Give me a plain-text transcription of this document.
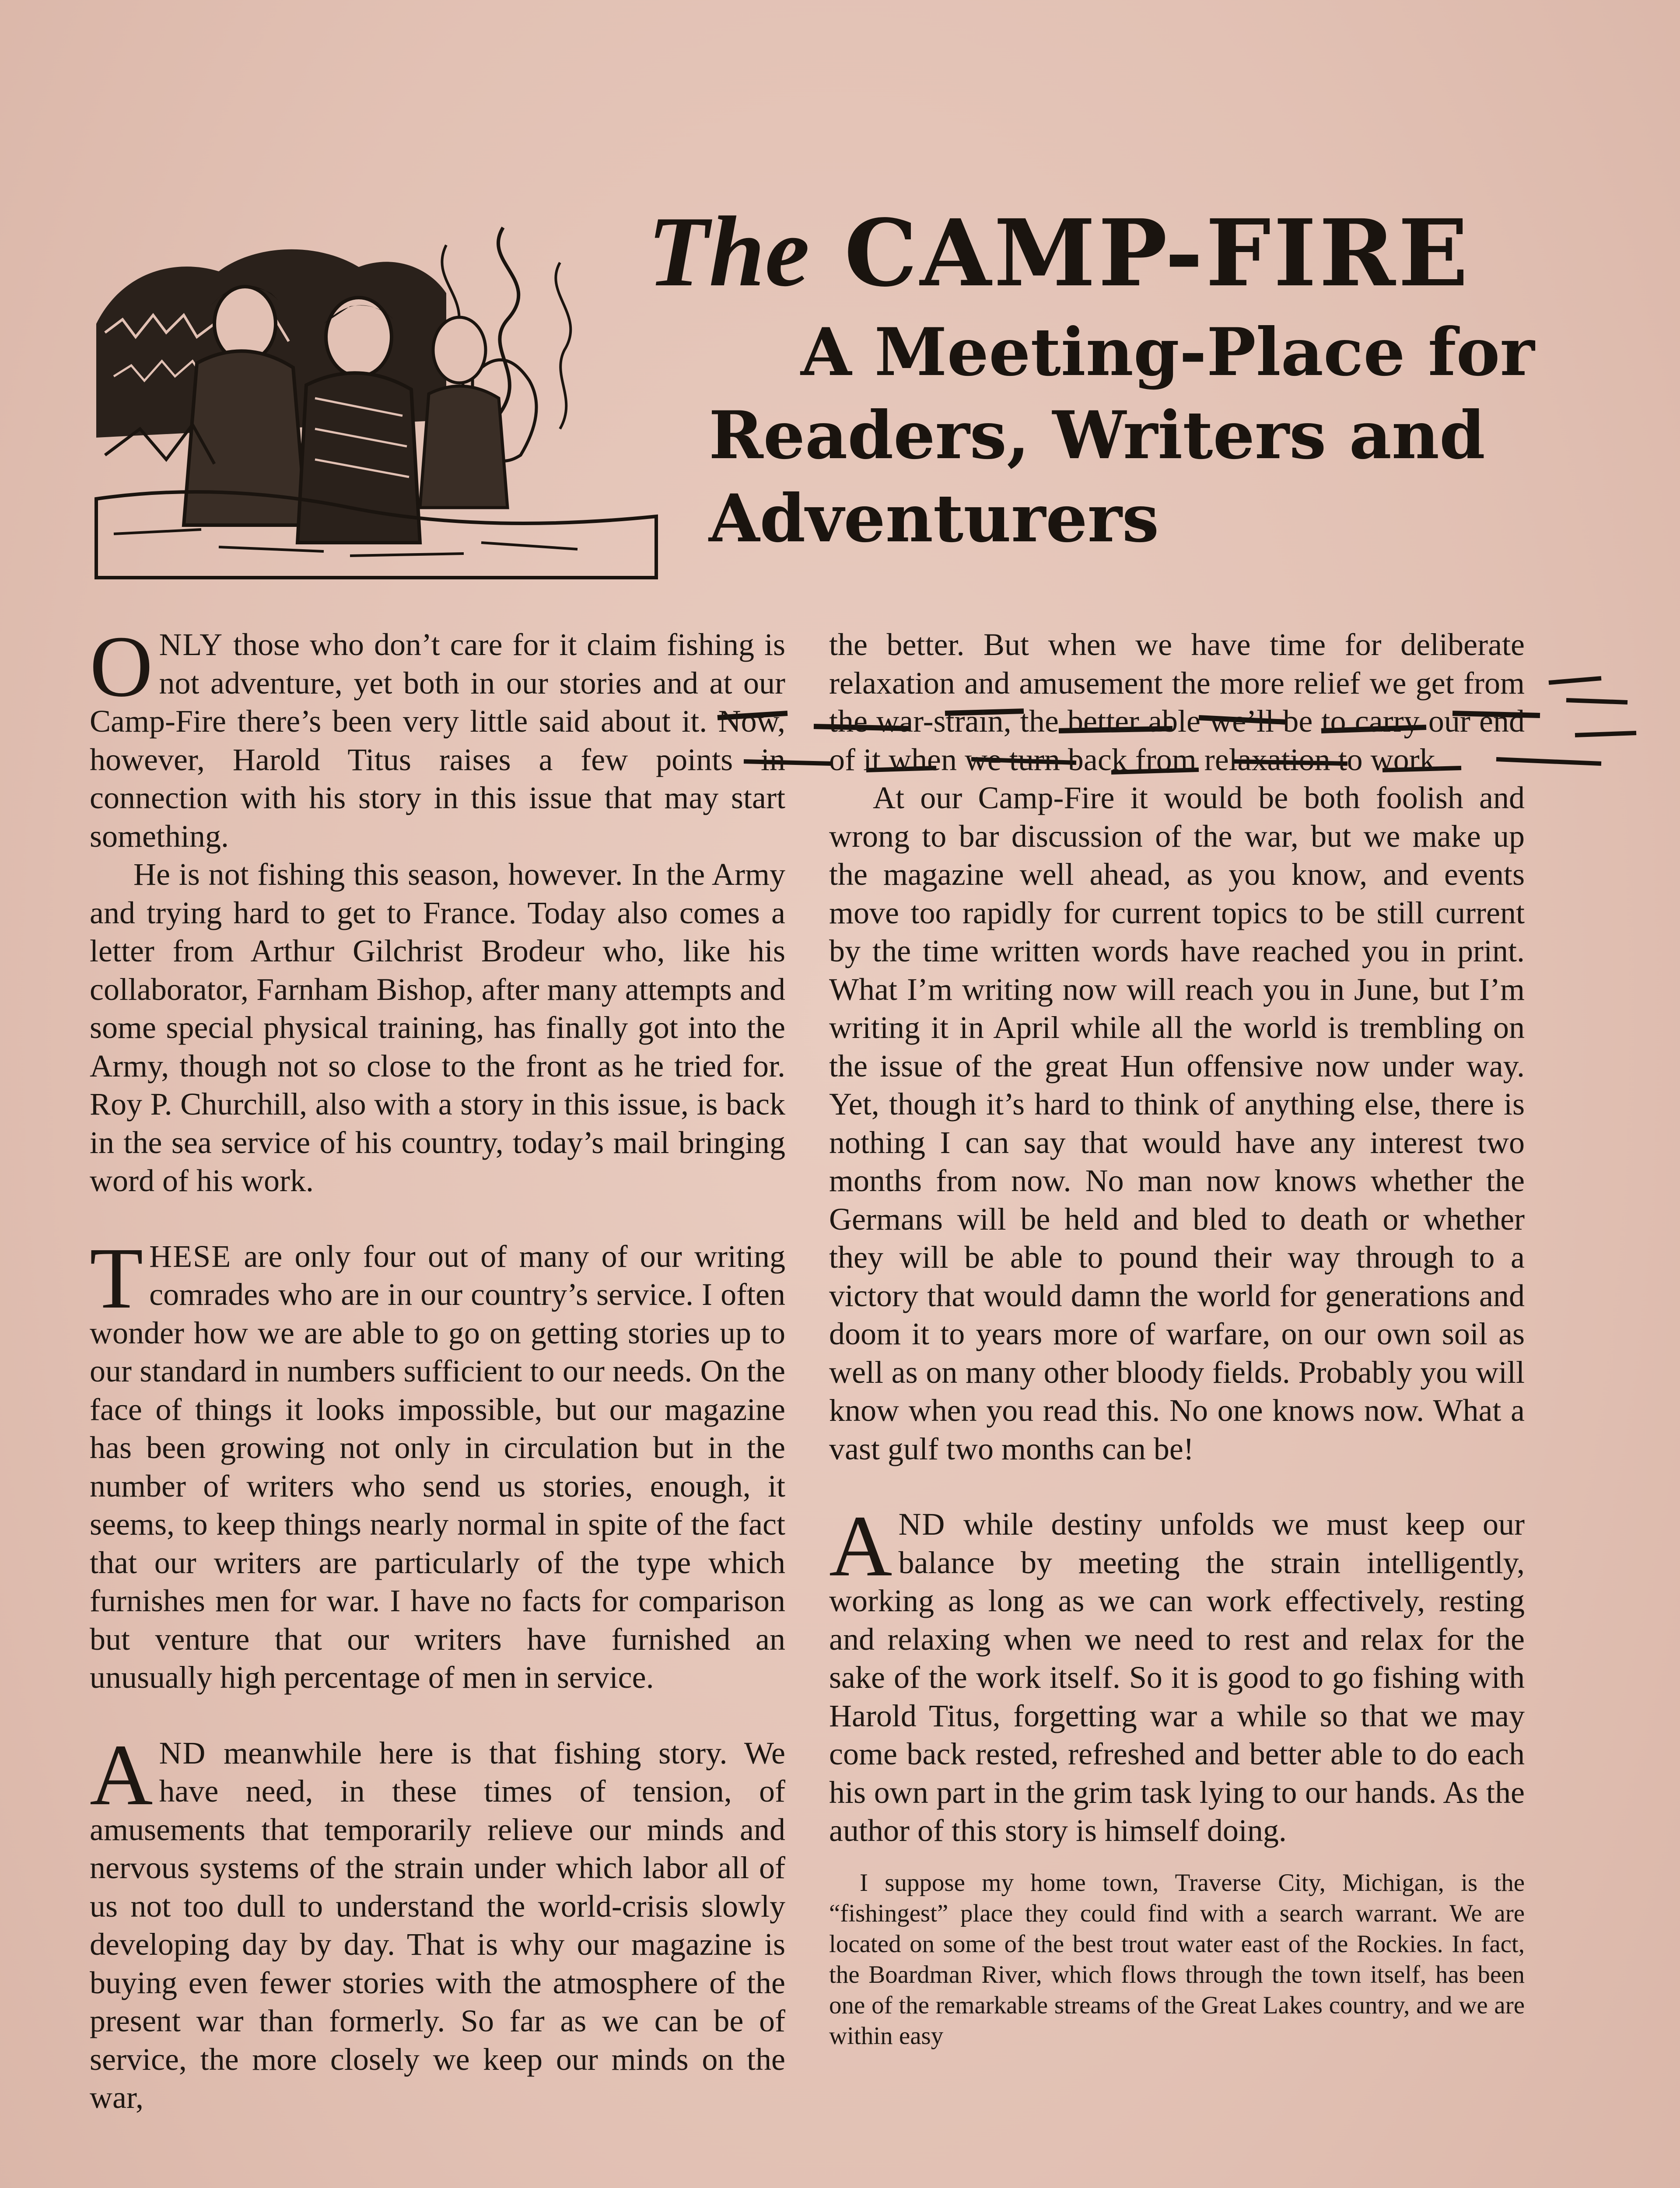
The CAMP-FIRE
A Meeting-Place for
Readers, Writers and
Adventurers

ONLY those who don’t care for it claim fishing is not adventure, yet both in our stories and at our Camp-Fire there’s been very little said about it. Now, however, Harold Titus raises a few points in connection with his story in this issue that may start something.

He is not fishing this season, however. In the Army and trying hard to get to France. Today also comes a letter from Arthur Gilchrist Brodeur who, like his collaborator, Farnham Bishop, after many attempts and some special physical training, has finally got into the Army, though not so close to the front as he tried for. Roy P. Churchill, also with a story in this issue, is back in the sea service of his country, today’s mail bringing word of his work.

THESE are only four out of many of our writing comrades who are in our country’s service. I often wonder how we are able to go on getting stories up to our standard in numbers sufficient to our needs. On the face of things it looks impossible, but our magazine has been growing not only in circulation but in the number of writers who send us stories, enough, it seems, to keep things nearly normal in spite of the fact that our writers are particularly of the type which furnishes men for war. I have no facts for comparison but venture that our writers have furnished an unusually high percentage of men in service.

AND meanwhile here is that fishing story. We have need, in these times of tension, of amusements that temporarily relieve our minds and nervous systems of the strain under which labor all of us not too dull to understand the world-crisis slowly developing day by day. That is why our magazine is buying even fewer stories with the atmosphere of the present war than formerly. So far as we can be of service, the more closely we keep our minds on the war,

the better. But when we have time for deliberate relaxation and amusement the more relief we get from the war-strain, the better able we’ll be to carry our end of it when we turn back from relaxation to work.

At our Camp-Fire it would be both foolish and wrong to bar discussion of the war, but we make up the magazine well ahead, as you know, and events move too rapidly for current topics to be still current by the time written words have reached you in print. What I’m writing now will reach you in June, but I’m writing it in April while all the world is trembling on the issue of the great Hun offensive now under way. Yet, though it’s hard to think of anything else, there is nothing I can say that would have any interest two months from now. No man now knows whether the Germans will be held and bled to death or whether they will be able to pound their way through to a victory that would damn the world for generations and doom it to years more of warfare, on our own soil as well as on many other bloody fields. Probably you will know when you read this. No one knows now. What a vast gulf two months can be!

AND while destiny unfolds we must keep our balance by meeting the strain intelligently, working as long as we can work effectively, resting and relaxing when we need to rest and relax for the sake of the work itself. So it is good to go fishing with Harold Titus, forgetting war a while so that we may come back rested, refreshed and better able to do each his own part in the grim task lying to our hands. As the author of this story is himself doing.

I suppose my home town, Traverse City, Michigan, is the “fishingest” place they could find with a search warrant. We are located on some of the best trout water east of the Rockies. In fact, the Boardman River, which flows through the town itself, has been one of the remarkable streams of the Great Lakes country, and we are within easy
